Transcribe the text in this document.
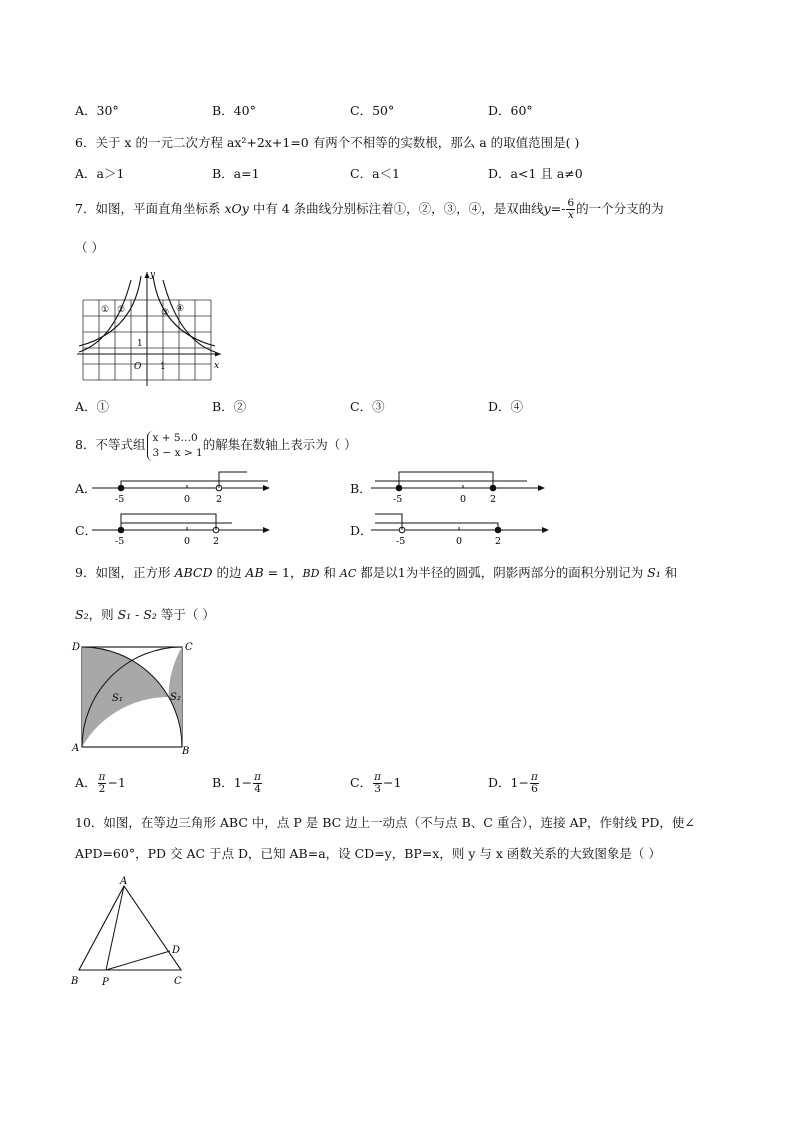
A．30°	B．40°	C．50°	D．60°
6．关于 x 的一元二次方程 ax²+2x+1=0 有两个不相等的实数根，那么 a 的取值范围是( )
A．a＞1	B．a=1	C．a＜1	D．a<1 且 a≠0
7．如图，平面直角坐标系 xOy 中有 4 条曲线分别标注着①，②，③，④，是双曲线$y=- \frac{6}{x}$ 的一个分支的为
（ ）
y
x
O 1
1
① ②	③ ④
A．①	B．②	C．③	D．④
8．不等式组 x + 5…0
3 − x > 1
的解集在数轴上表示为（ ）
A．
-5	0	2
B．
-5	0	2
C．
-5	0 2
D．
-5	0	2
9．如图，正方形 ABCD 的边 AB = 1，BD 和 AC 都是以1为半径的圆弧，阴影两部分的面积分别记为 S₁ 和
S₂，则 S₁ - S₂ 等于（ ）
D	C
A	B
S₁	S₂
A． $\frac{\pi}{2} -1$	B．$1- \frac{\pi}{4}$	C． $\frac{\pi}{3} -1$	D．$1- \frac{\pi}{6}$
10．如图，在等边三角形 ABC 中，点 P 是 BC 边上一动点（不与点 B、C 重合），连接 AP，作射线 PD，使∠
APD=60°，PD 交 AC 于点 D，已知 AB=a，设 CD=y，BP=x，则 y 与 x 函数关系的大致图象是（ ）
A
B	C
D
P
